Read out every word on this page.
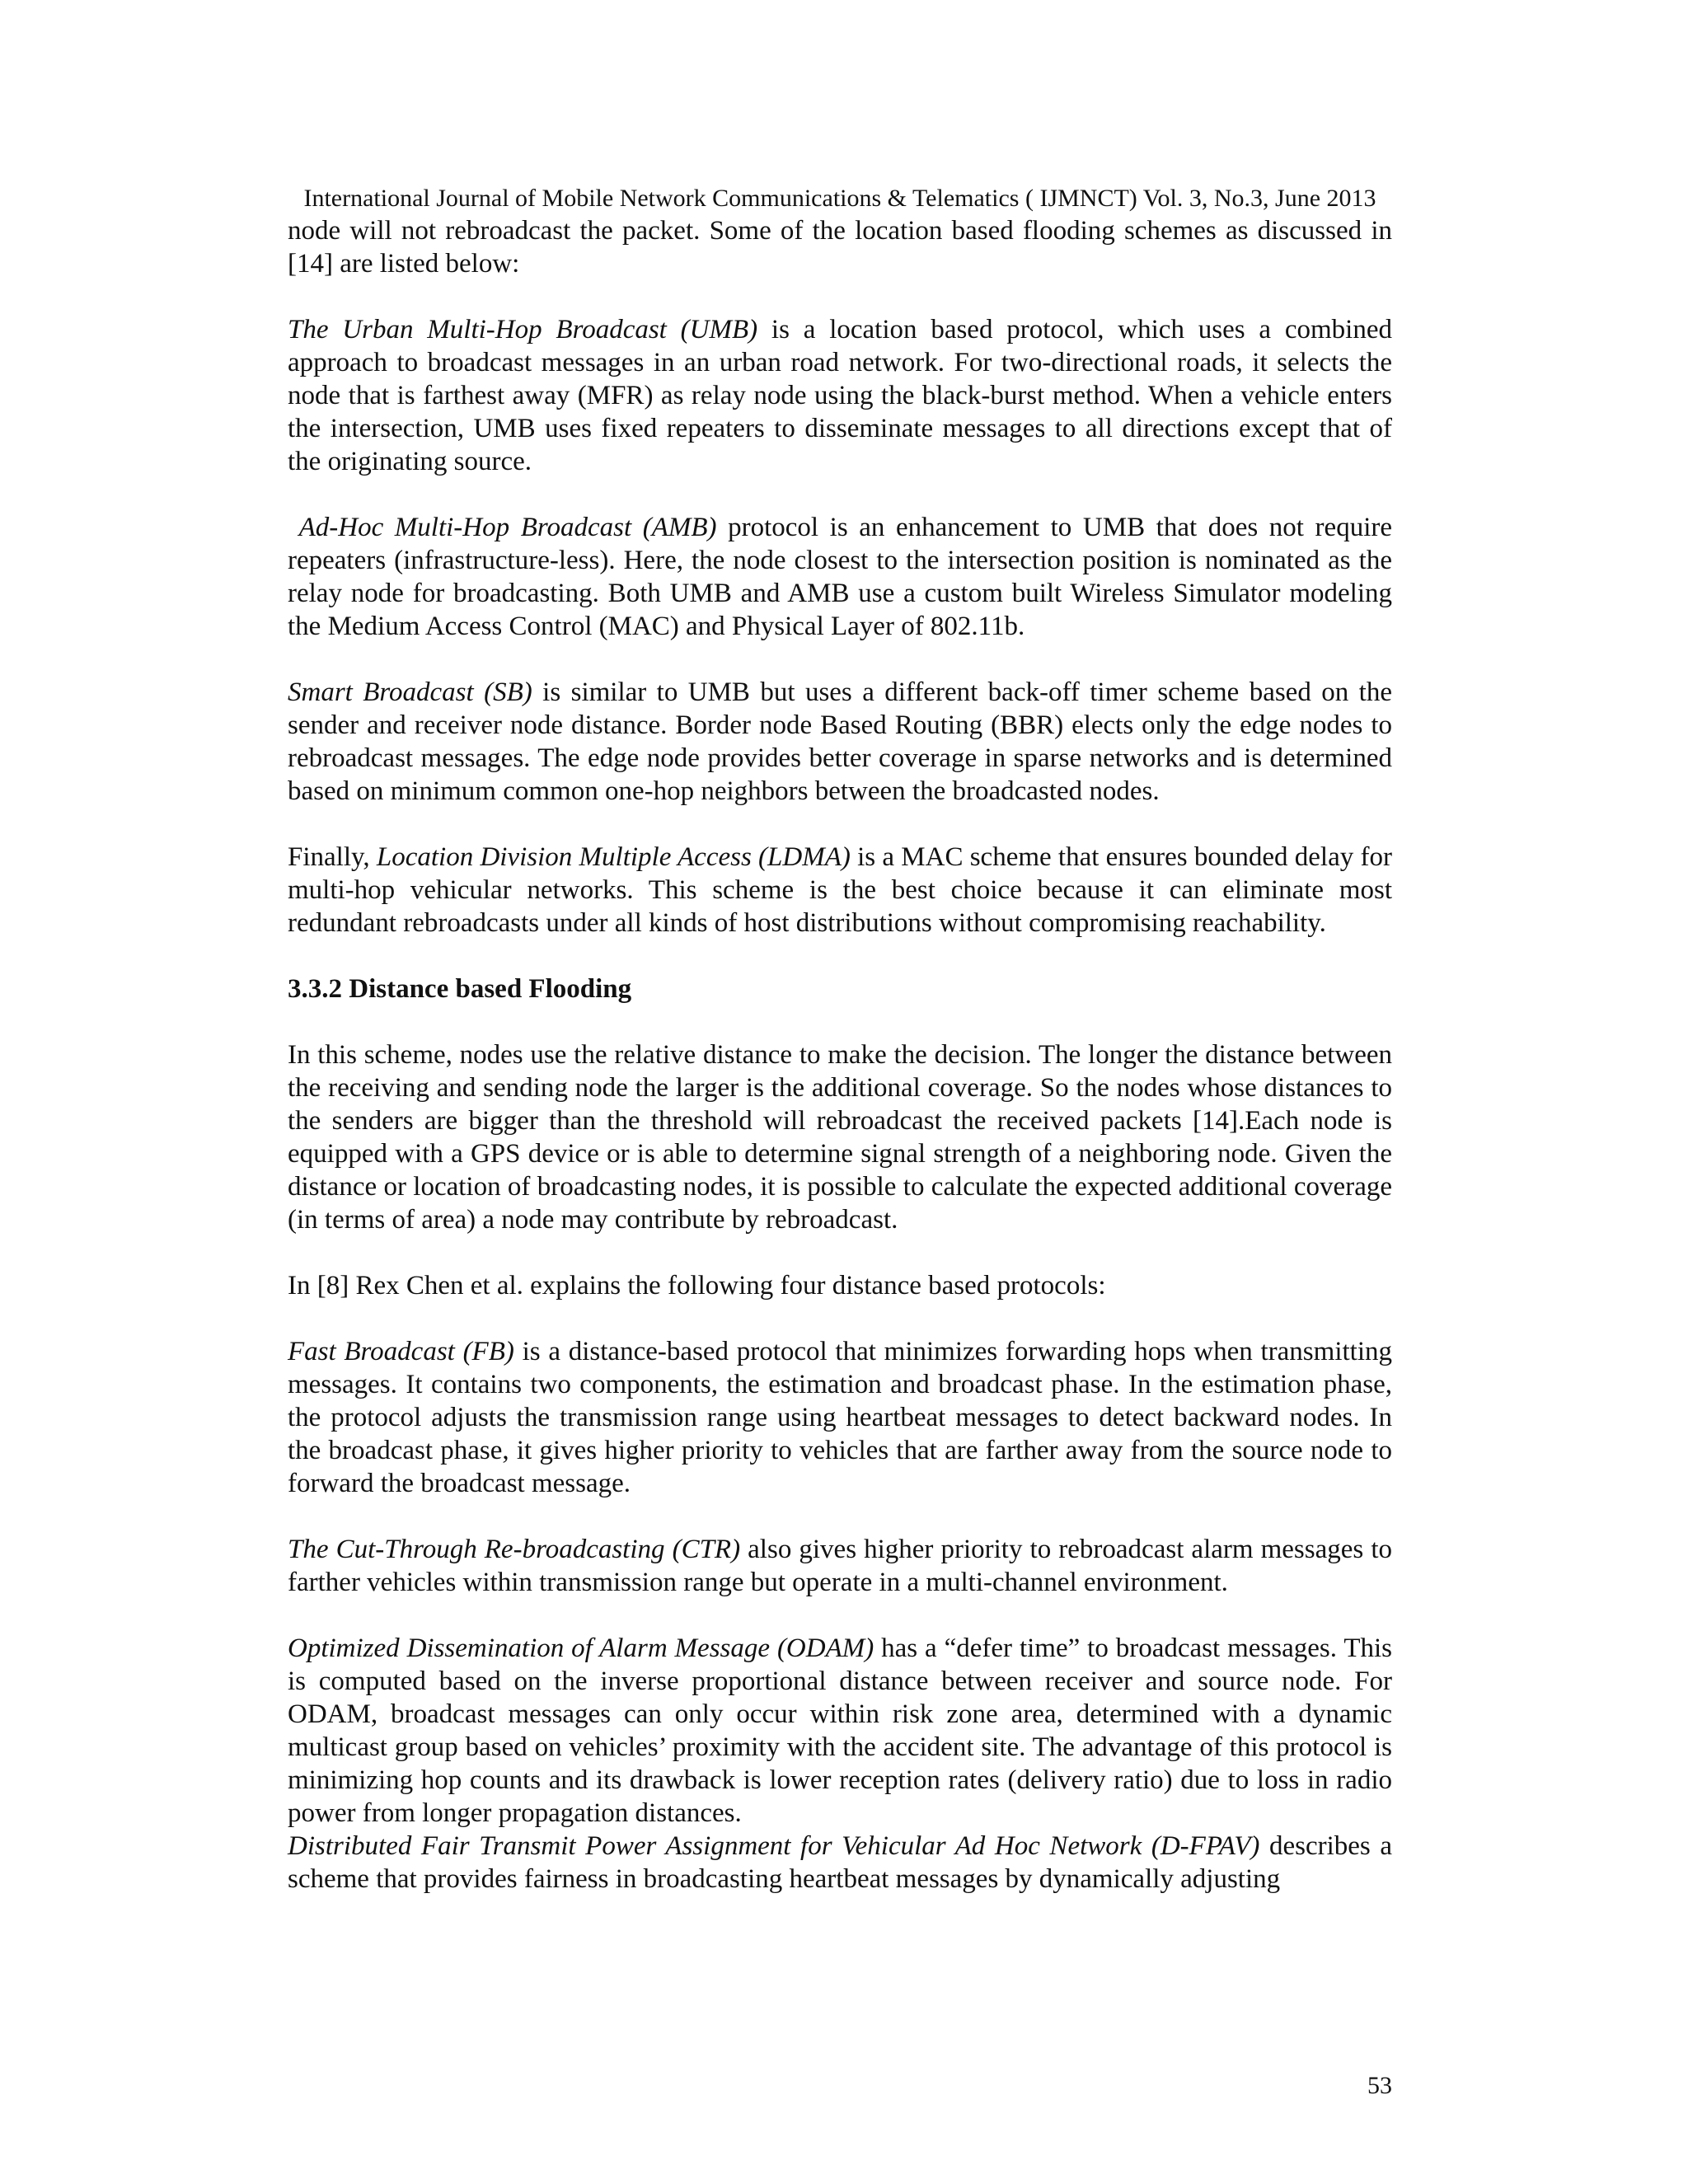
International Journal of Mobile Network Communications & Telematics ( IJMNCT) Vol. 3, No.3, June 2013

node will not rebroadcast the packet. Some of the location based flooding schemes as discussed in [14] are listed below:

The Urban Multi-Hop Broadcast (UMB) is a location based protocol, which uses a combined approach to broadcast messages in an urban road network. For two-directional roads, it selects the node that is farthest away (MFR) as relay node using the black-burst method. When a vehicle enters the intersection, UMB uses fixed repeaters to disseminate messages to all directions except that of the originating source.

Ad-Hoc Multi-Hop Broadcast (AMB) protocol is an enhancement to UMB that does not require repeaters (infrastructure-less). Here, the node closest to the intersection position is nominated as the relay node for broadcasting. Both UMB and AMB use a custom built Wireless Simulator modeling the Medium Access Control (MAC) and Physical Layer of 802.11b.

Smart Broadcast (SB) is similar to UMB but uses a different back-off timer scheme based on the sender and receiver node distance. Border node Based Routing (BBR) elects only the edge nodes to rebroadcast messages. The edge node provides better coverage in sparse networks and is determined based on minimum common one-hop neighbors between the broadcasted nodes.

Finally, Location Division Multiple Access (LDMA) is a MAC scheme that ensures bounded delay for multi-hop vehicular networks. This scheme is the best choice because it can eliminate most redundant rebroadcasts under all kinds of host distributions without compromising reachability.

3.3.2 Distance based Flooding

In this scheme, nodes use the relative distance to make the decision. The longer the distance between the receiving and sending node the larger is the additional coverage. So the nodes whose distances to the senders are bigger than the threshold will rebroadcast the received packets [14].Each node is equipped with a GPS device or is able to determine signal strength of a neighboring node. Given the distance or location of broadcasting nodes, it is possible to calculate the expected additional coverage (in terms of area) a node may contribute by rebroadcast.

In [8] Rex Chen et al. explains the following four distance based protocols:

Fast Broadcast (FB) is a distance-based protocol that minimizes forwarding hops when transmitting messages. It contains two components, the estimation and broadcast phase. In the estimation phase, the protocol adjusts the transmission range using heartbeat messages to detect backward nodes. In the broadcast phase, it gives higher priority to vehicles that are farther away from the source node to forward the broadcast message.

The Cut-Through Re-broadcasting (CTR) also gives higher priority to rebroadcast alarm messages to farther vehicles within transmission range but operate in a multi-channel environment.

Optimized Dissemination of Alarm Message (ODAM) has a “defer time” to broadcast messages. This is computed based on the inverse proportional distance between receiver and source node. For ODAM, broadcast messages can only occur within risk zone area, determined with a dynamic multicast group based on vehicles’ proximity with the accident site. The advantage of this protocol is minimizing hop counts and its drawback is lower reception rates (delivery ratio) due to loss in radio power from longer propagation distances.

Distributed Fair Transmit Power Assignment for Vehicular Ad Hoc Network (D-FPAV) describes a scheme that provides fairness in broadcasting heartbeat messages by dynamically adjusting

53
